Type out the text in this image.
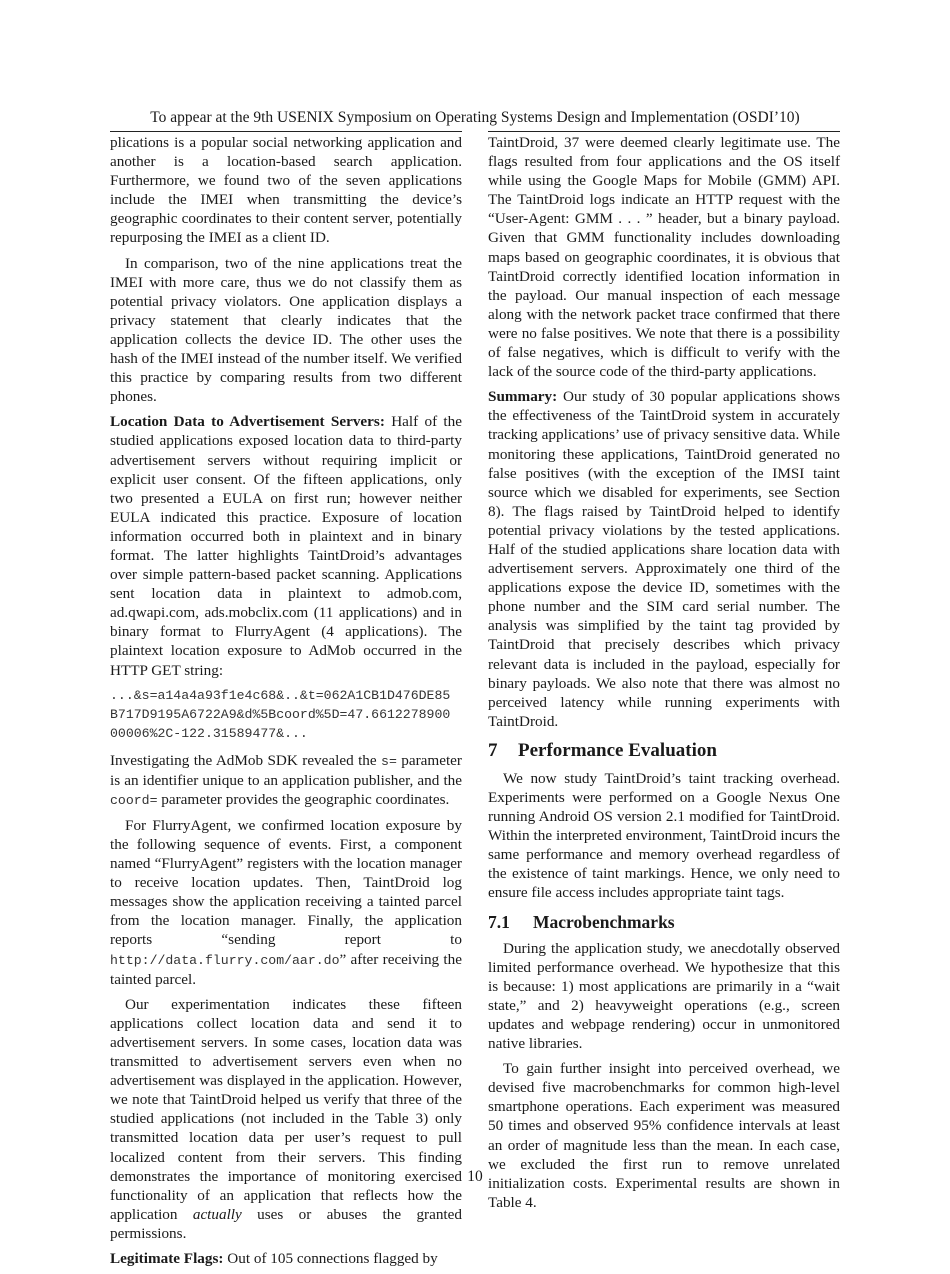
To appear at the 9th USENIX Symposium on Operating Systems Design and Implementation (OSDI’10)

plications is a popular social networking application and another is a location-based search application. Furthermore, we found two of the seven applications include the IMEI when transmitting the device’s geographic coordinates to their content server, potentially repurposing the IMEI as a client ID.

In comparison, two of the nine applications treat the IMEI with more care, thus we do not classify them as potential privacy violators. One application displays a privacy statement that clearly indicates that the application collects the device ID. The other uses the hash of the IMEI instead of the number itself. We verified this practice by comparing results from two different phones.

Location Data to Advertisement Servers: Half of the studied applications exposed location data to third-party advertisement servers without requiring implicit or explicit user consent. Of the fifteen applications, only two presented a EULA on first run; however neither EULA indicated this practice. Exposure of location information occurred both in plaintext and in binary format. The latter highlights TaintDroid’s advantages over simple pattern-based packet scanning. Applications sent location data in plaintext to admob.com, ad.qwapi.com, ads.mobclix.com (11 applications) and in binary format to FlurryAgent (4 applications). The plaintext location exposure to AdMob occurred in the HTTP GET string:

...&s=a14a4a93f1e4c68&..&t=062A1CB1D476DE85
B717D9195A6722A9&d%5Bcoord%5D=47.6612278900
00006%2C-122.31589477&...

Investigating the AdMob SDK revealed the s= parameter is an identifier unique to an application publisher, and the coord= parameter provides the geographic coordinates.

For FlurryAgent, we confirmed location exposure by the following sequence of events. First, a component named “FlurryAgent” registers with the location manager to receive location updates. Then, TaintDroid log messages show the application receiving a tainted parcel from the location manager. Finally, the application reports “sending report to http://data.flurry.com/aar.do” after receiving the tainted parcel.

Our experimentation indicates these fifteen applications collect location data and send it to advertisement servers. In some cases, location data was transmitted to advertisement servers even when no advertisement was displayed in the application. However, we note that TaintDroid helped us verify that three of the studied applications (not included in the Table 3) only transmitted location data per user’s request to pull localized content from their servers. This finding demonstrates the importance of monitoring exercised functionality of an application that reflects how the application actually uses or abuses the granted permissions.

Legitimate Flags: Out of 105 connections flagged by

TaintDroid, 37 were deemed clearly legitimate use. The flags resulted from four applications and the OS itself while using the Google Maps for Mobile (GMM) API. The TaintDroid logs indicate an HTTP request with the “User-Agent: GMM . . . ” header, but a binary payload. Given that GMM functionality includes downloading maps based on geographic coordinates, it is obvious that TaintDroid correctly identified location information in the payload. Our manual inspection of each message along with the network packet trace confirmed that there were no false positives. We note that there is a possibility of false negatives, which is difficult to verify with the lack of the source code of the third-party applications.

Summary: Our study of 30 popular applications shows the effectiveness of the TaintDroid system in accurately tracking applications’ use of privacy sensitive data. While monitoring these applications, TaintDroid generated no false positives (with the exception of the IMSI taint source which we disabled for experiments, see Section 8). The flags raised by TaintDroid helped to identify potential privacy violations by the tested applications. Half of the studied applications share location data with advertisement servers. Approximately one third of the applications expose the device ID, sometimes with the phone number and the SIM card serial number. The analysis was simplified by the taint tag provided by TaintDroid that precisely describes which privacy relevant data is included in the payload, especially for binary payloads. We also note that there was almost no perceived latency while running experiments with TaintDroid.

7 Performance Evaluation

We now study TaintDroid’s taint tracking overhead. Experiments were performed on a Google Nexus One running Android OS version 2.1 modified for TaintDroid. Within the interpreted environment, TaintDroid incurs the same performance and memory overhead regardless of the existence of taint markings. Hence, we only need to ensure file access includes appropriate taint tags.

7.1 Macrobenchmarks

During the application study, we anecdotally observed limited performance overhead. We hypothesize that this is because: 1) most applications are primarily in a “wait state,” and 2) heavyweight operations (e.g., screen updates and webpage rendering) occur in unmonitored native libraries.

To gain further insight into perceived overhead, we devised five macrobenchmarks for common high-level smartphone operations. Each experiment was measured 50 times and observed 95% confidence intervals at least an order of magnitude less than the mean. In each case, we excluded the first run to remove unrelated initialization costs. Experimental results are shown in Table 4.

10
